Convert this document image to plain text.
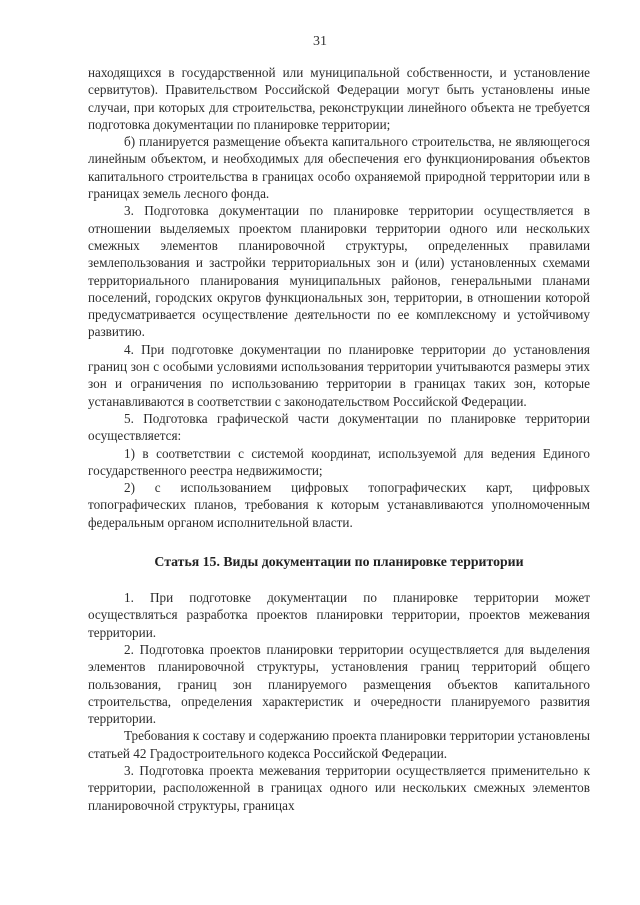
31

находящихся в государственной или муниципальной собственности, и установление сервитутов). Правительством Российской Федерации могут быть установлены иные случаи, при которых для строительства, реконструкции линейного объекта не требуется подготовка документации по планировке территории;

б) планируется размещение объекта капитального строительства, не являющегося линейным объектом, и необходимых для обеспечения его функционирования объектов капитального строительства в границах особо охраняемой природной территории или в границах земель лесного фонда.

3. Подготовка документации по планировке территории осуществляется в отношении выделяемых проектом планировки территории одного или нескольких смежных элементов планировочной структуры, определенных правилами землепользования и застройки территориальных зон и (или) установленных схемами территориального планирования муниципальных районов, генеральными планами поселений, городских округов функциональных зон, территории, в отношении которой предусматривается осуществление деятельности по ее комплексному и устойчивому развитию.

4. При подготовке документации по планировке территории до установления границ зон с особыми условиями использования территории учитываются размеры этих зон и ограничения по использованию территории в границах таких зон, которые устанавливаются в соответствии с законодательством Российской Федерации.

5. Подготовка графической части документации по планировке территории осуществляется:

1) в соответствии с системой координат, используемой для ведения Единого государственного реестра недвижимости;

2) с использованием цифровых топографических карт, цифровых топографических планов, требования к которым устанавливаются уполномоченным федеральным органом исполнительной власти.

Статья 15. Виды документации по планировке территории

1. При подготовке документации по планировке территории может осуществляться разработка проектов планировки территории, проектов межевания территории.

2. Подготовка проектов планировки территории осуществляется для выделения элементов планировочной структуры, установления границ территорий общего пользования, границ зон планируемого размещения объектов капитального строительства, определения характеристик и очередности планируемого развития территории.

Требования к составу и содержанию проекта планировки территории установлены статьей 42 Градостроительного кодекса Российской Федерации.

3. Подготовка проекта межевания территории осуществляется применительно к территории, расположенной в границах одного или нескольких смежных элементов планировочной структуры, границах
